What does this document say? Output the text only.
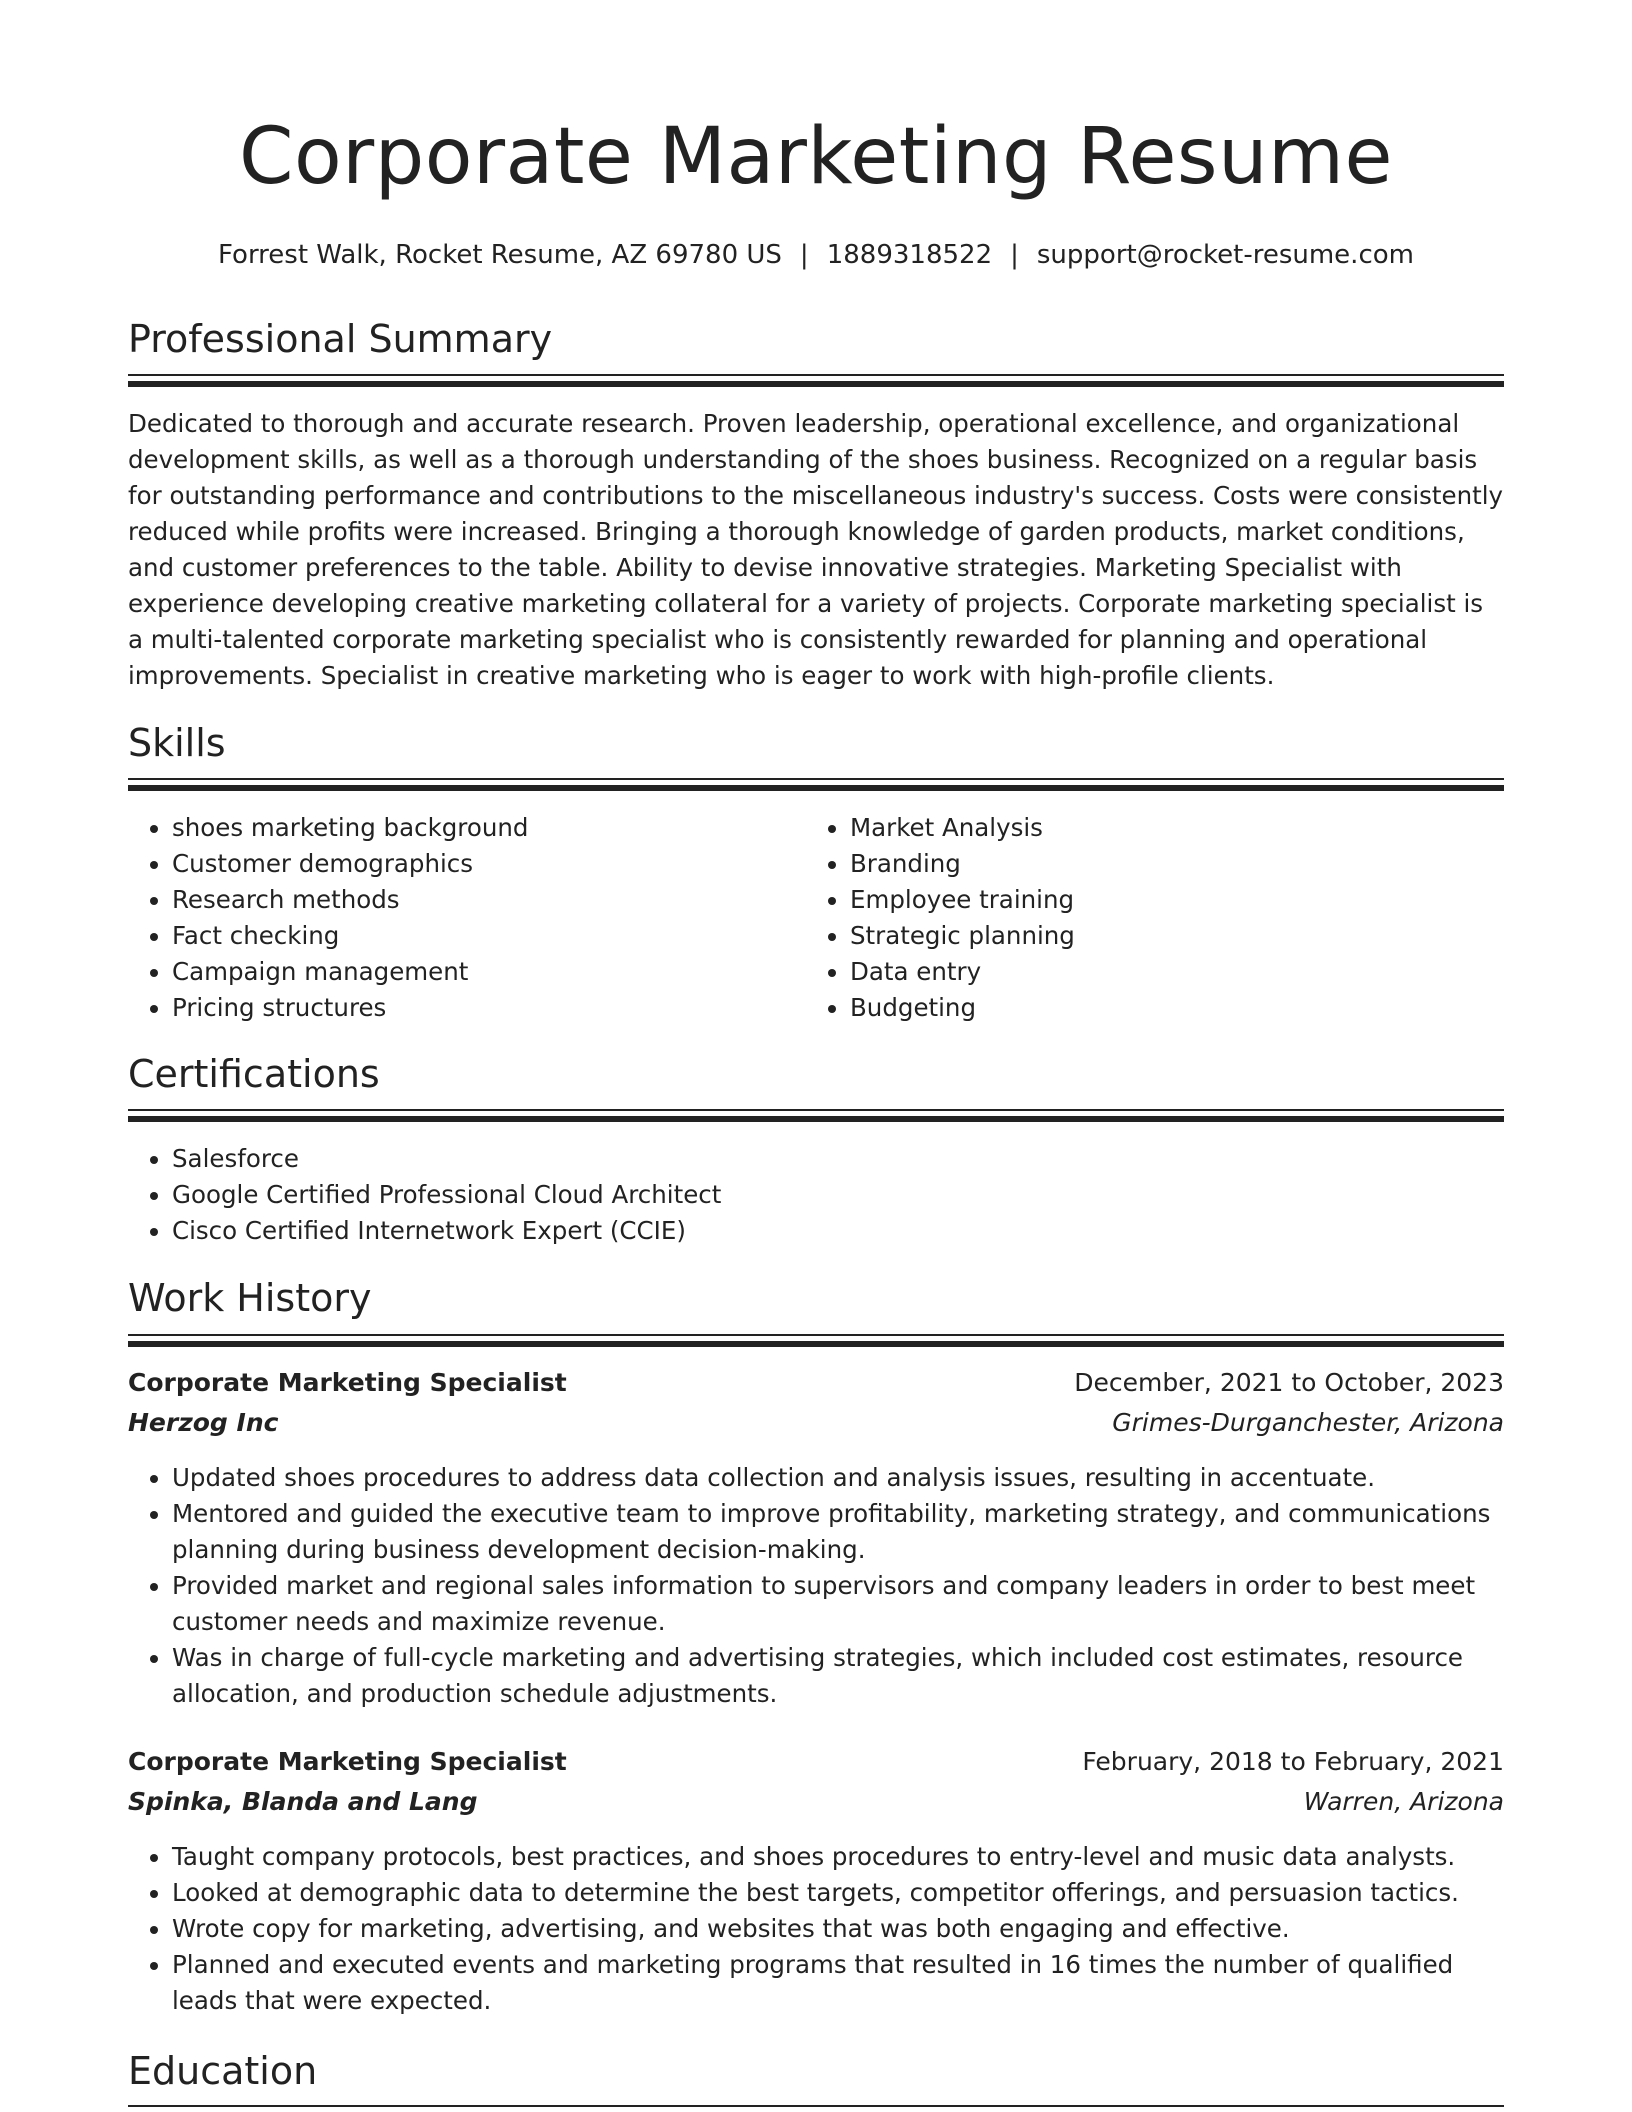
Corporate Marketing Resume
Forrest Walk, Rocket Resume, AZ 69780 US | 1889318522 | support@rocket-resume.com
Professional Summary
Dedicated to thorough and accurate research. Proven leadership, operational excellence, and organizational development skills, as well as a thorough understanding of the shoes business. Recognized on a regular basis for outstanding performance and contributions to the miscellaneous industry's success. Costs were consistently reduced while profits were increased. Bringing a thorough knowledge of garden products, market conditions, and customer preferences to the table. Ability to devise innovative strategies. Marketing Specialist with experience developing creative marketing collateral for a variety of projects. Corporate marketing specialist is a multi-talented corporate marketing specialist who is consistently rewarded for planning and operational improvements. Specialist in creative marketing who is eager to work with high-profile clients.
Skills
• shoes marketing background
• Customer demographics
• Research methods
• Fact checking
• Campaign management
• Pricing structures
• Market Analysis
• Branding
• Employee training
• Strategic planning
• Data entry
• Budgeting
Certifications
• Salesforce
• Google Certified Professional Cloud Architect
• Cisco Certified Internetwork Expert (CCIE)
Work History
Corporate Marketing Specialist	December, 2021 to October, 2023
Herzog Inc	Grimes-Durganchester, Arizona
• Updated shoes procedures to address data collection and analysis issues, resulting in accentuate.
• Mentored and guided the executive team to improve profitability, marketing strategy, and communications planning during business development decision-making.
• Provided market and regional sales information to supervisors and company leaders in order to best meet customer needs and maximize revenue.
• Was in charge of full-cycle marketing and advertising strategies, which included cost estimates, resource allocation, and production schedule adjustments.
Corporate Marketing Specialist	February, 2018 to February, 2021
Spinka, Blanda and Lang	Warren, Arizona
• Taught company protocols, best practices, and shoes procedures to entry-level and music data analysts.
• Looked at demographic data to determine the best targets, competitor offerings, and persuasion tactics.
• Wrote copy for marketing, advertising, and websites that was both engaging and effective.
• Planned and executed events and marketing programs that resulted in 16 times the number of qualified leads that were expected.
Education
